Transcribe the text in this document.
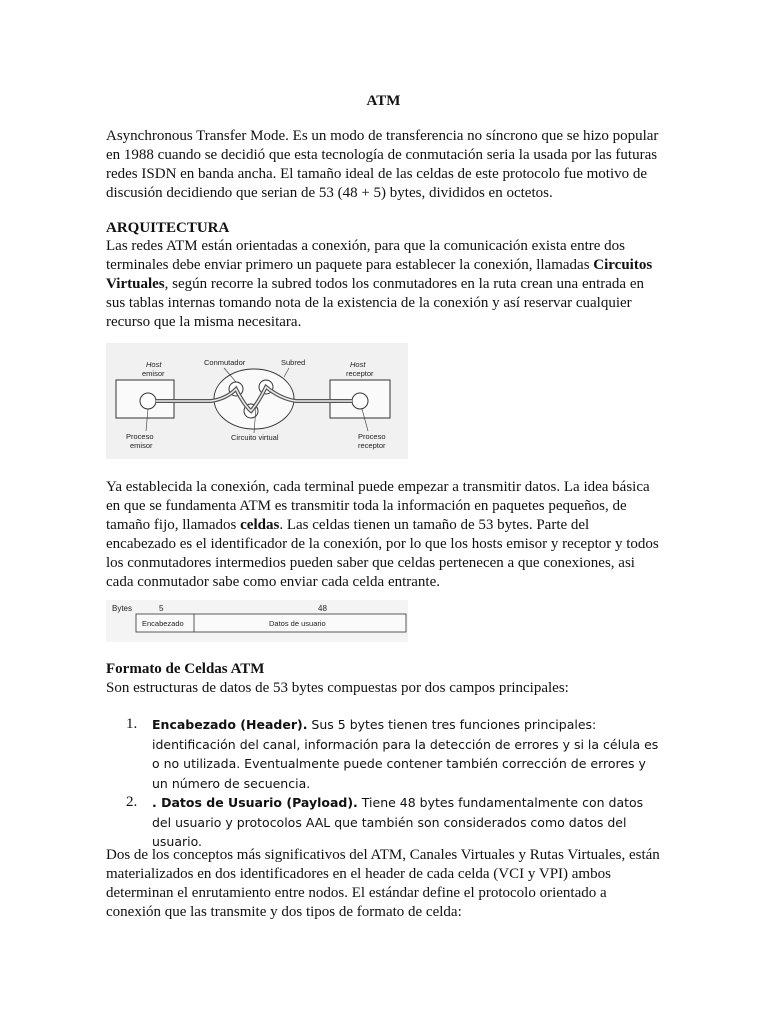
ATM

Asynchronous Transfer Mode. Es un modo de transferencia no síncrono que se hizo popular en 1988 cuando se decidió que esta tecnología de conmutación seria la usada por las futuras redes ISDN en banda ancha. El tamaño ideal de las celdas de este protocolo fue motivo de discusión decidiendo que serian de 53 (48 + 5) bytes, divididos en octetos.

ARQUITECTURA

Las redes ATM están orientadas a conexión, para que la comunicación exista entre dos terminales debe enviar primero un paquete para establecer la conexión, llamadas Circuitos Virtuales, según recorre la subred todos los conmutadores en la ruta crean una entrada en sus tablas internas tomando nota de la existencia de la conexión y así reservar cualquier recurso que la misma necesitara.

Host
emisor
Conmutador	Subred	Host
receptor
Proceso
emisor
Circuito virtual	Proceso
receptor

Ya establecida la conexión, cada terminal puede empezar a transmitir datos. La idea básica en que se fundamenta ATM es transmitir toda la información en paquetes pequeños, de tamaño fijo, llamados celdas. Las celdas tienen un tamaño de 53 bytes. Parte del encabezado es el identificador de la conexión, por lo que los hosts emisor y receptor y todos los conmutadores intermedios pueden saber que celdas pertenecen a que conexiones, asi cada conmutador sabe como enviar cada celda entrante.

Bytes	5	48
Encabezado	Datos de usuario
Formato de Celdas ATM

Son estructuras de datos de 53 bytes compuestas por dos campos principales:

1. Encabezado (Header). Sus 5 bytes tienen tres funciones principales: identificación del canal, información para la detección de errores y si la célula es o no utilizada. Eventualmente puede contener también corrección de errores y un número de secuencia.
2. . Datos de Usuario (Payload). Tiene 48 bytes fundamentalmente con datos del usuario y protocolos AAL que también son considerados como datos del usuario.

Dos de los conceptos más significativos del ATM, Canales Virtuales y Rutas Virtuales, están materializados en dos identificadores en el header de cada celda (VCI y VPI) ambos determinan el enrutamiento entre nodos. El estándar define el protocolo orientado a conexión que las transmite y dos tipos de formato de celda:
